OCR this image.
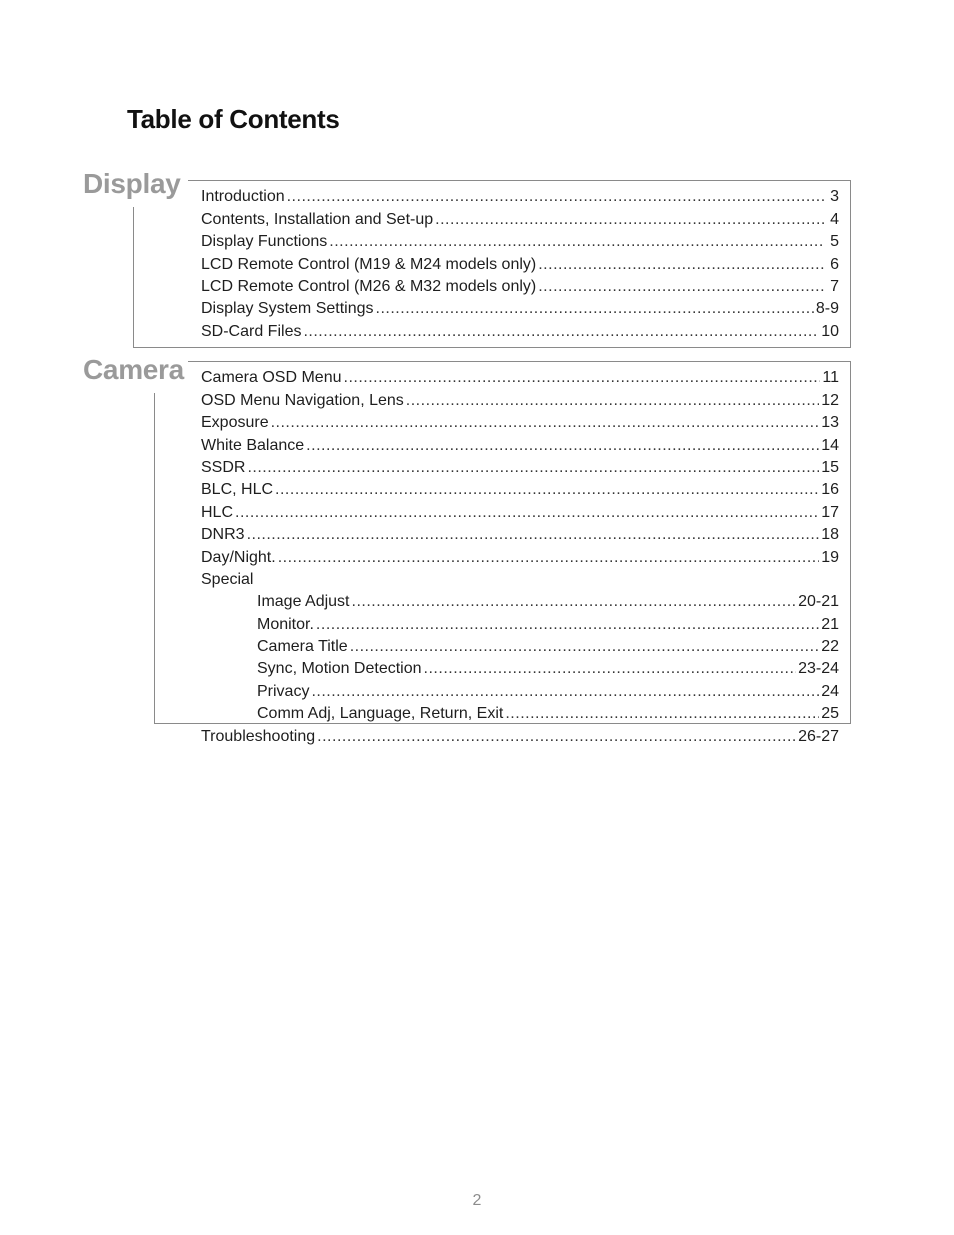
Table of Contents
Display Introduction .....	3
Contents, Installation and Set-up .....	4
Display Functions .....	5
LCD Remote Control (M19 & M24 models only) .....	6
LCD Remote Control (M26 & M32 models only) .....	7
Display System Settings .....	8-9
SD-Card Files .....	10
Camera Camera OSD Menu .....	11
OSD Menu Navigation, Lens .....	12
Exposure .....	13
White Balance .....	14
SSDR .....	15
BLC, HLC .....	16
HLC .....	17
DNR3 .....	18
Day/Night. .....	19
Special
Image Adjust .....	20-21
Monitor. .....	21
Camera Title .....	22
Sync, Motion Detection .....	23-24
Privacy .....	24
Comm Adj, Language, Return, Exit .....	25
Troubleshooting .....	26-27
2
